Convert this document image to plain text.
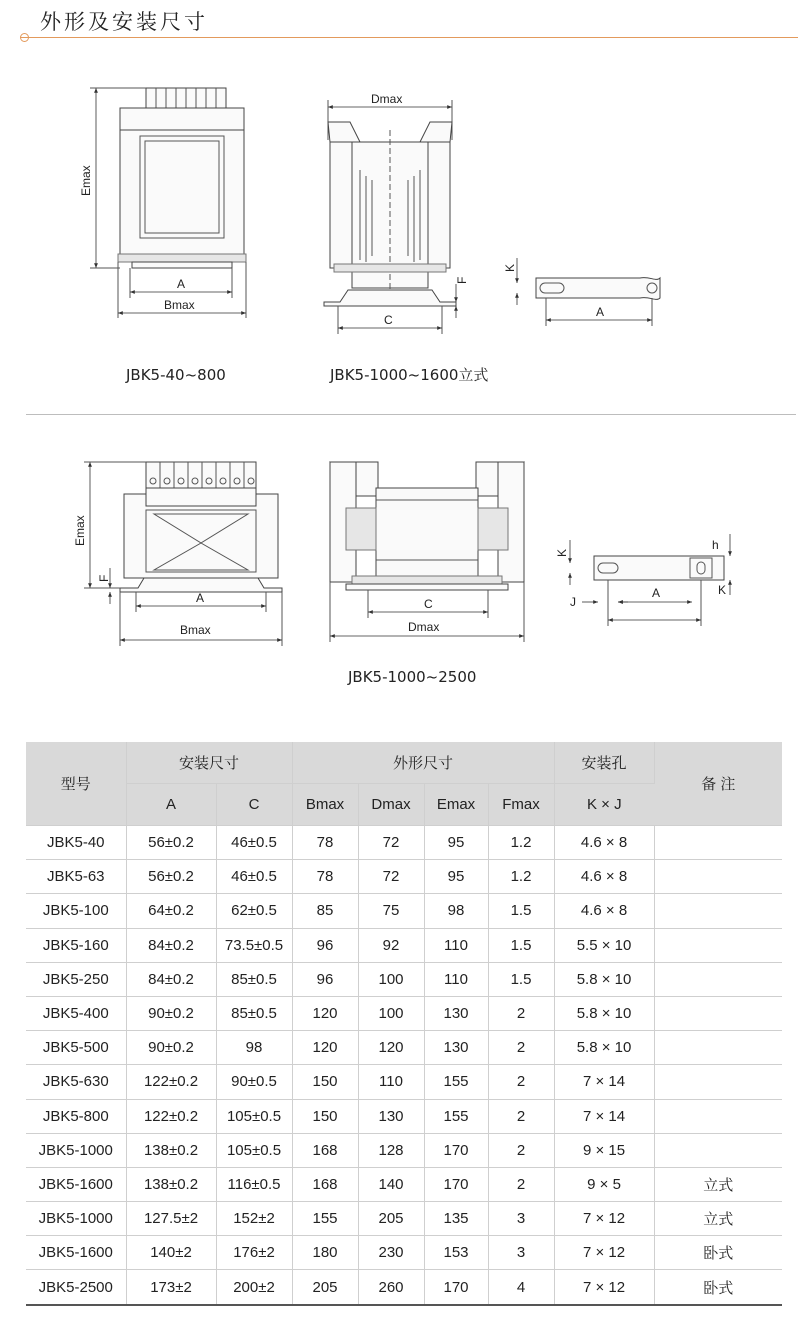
外形及安装尺寸
Emax
A
Bmax
Dmax
C
F
K
A
Emax
F
A
Bmax
C
Dmax
K
h
K
J
A
JBK5-40~800	JBK5-1000~1600立式
JBK5-1000~2500
型号	安装尺寸		外形尺寸				安装孔	备 注
	A	C	Bmax	Dmax	Emax	Fmax	K × J	
JBK5-40	56±0.2	46±0.5	78	72	95	1.2	4.6 × 8	
JBK5-63	56±0.2	46±0.5	78	72	95	1.2	4.6 × 8	
JBK5-100	64±0.2	62±0.5	85	75	98	1.5	4.6 × 8	
JBK5-160	84±0.2	73.5±0.5	96	92	110	1.5	5.5 × 10	
JBK5-250	84±0.2	85±0.5	96	100	110	1.5	5.8 × 10	
JBK5-400	90±0.2	85±0.5	120	100	130	2	5.8 × 10	
JBK5-500	90±0.2	98	120	120	130	2	5.8 × 10	
JBK5-630	122±0.2	90±0.5	150	110	155	2	7 × 14	
JBK5-800	122±0.2	105±0.5	150	130	155	2	7 × 14	
JBK5-1000	138±0.2	105±0.5	168	128	170	2	9 × 15	
JBK5-1600	138±0.2	116±0.5	168	140	170	2	9 × 5	立式
JBK5-1000	127.5±2	152±2	155	205	135	3	7 × 12	立式
JBK5-1600	140±2	176±2	180	230	153	3	7 × 12	卧式
JBK5-2500	173±2	200±2	205	260	170	4	7 × 12	卧式
